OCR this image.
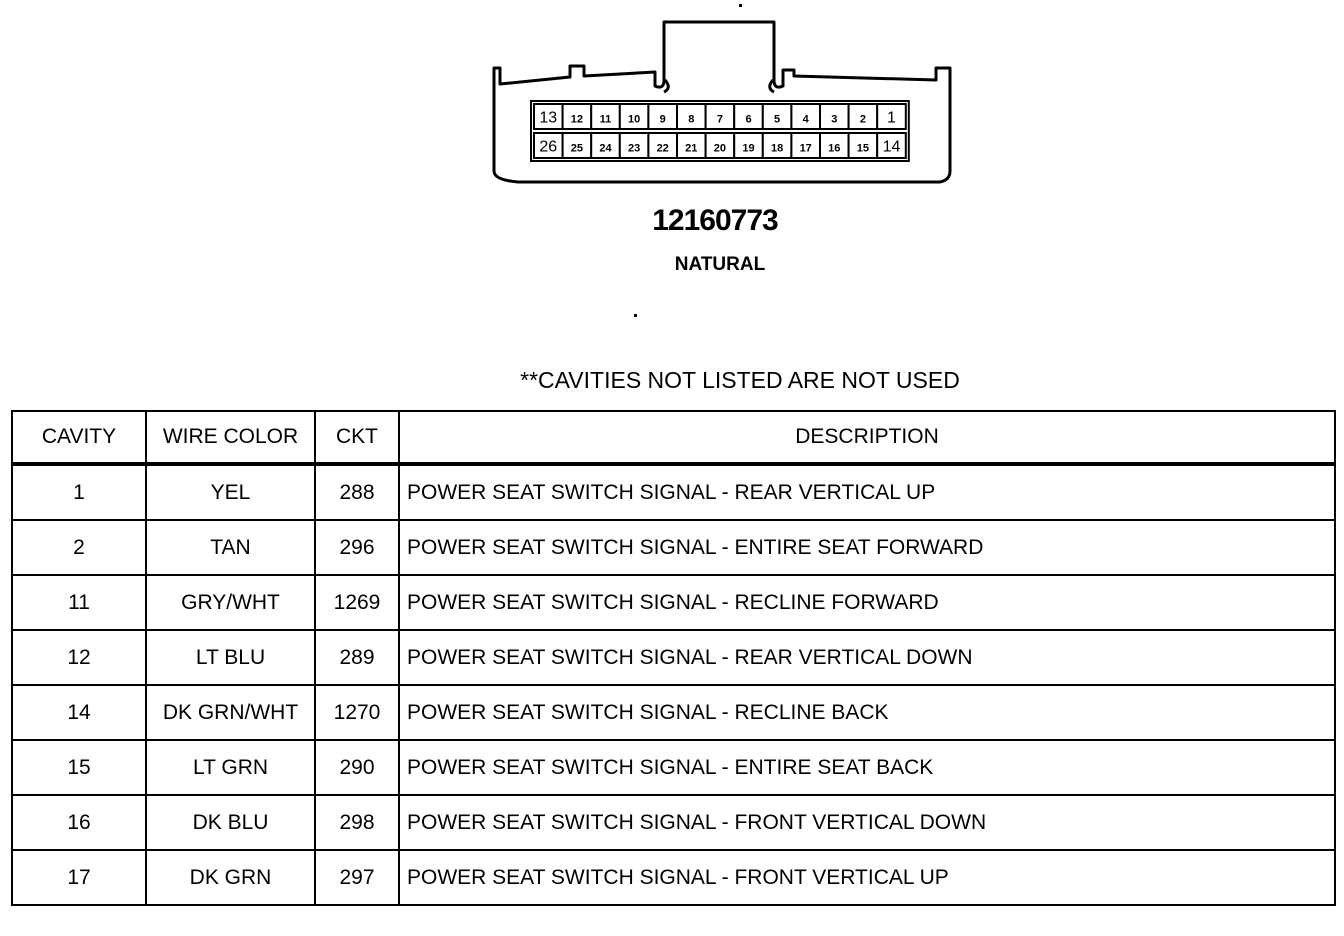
13 12 11 10 9 8 7 6 5 4 3 2 1
26 25 24 23 22 21 20 19 18 17 16 15 14
12160773
NATURAL
**CAVITIES NOT LISTED ARE NOT USED
CAVITY	WIRE COLOR	CKT	DESCRIPTION
1	YEL	288	POWER SEAT SWITCH SIGNAL - REAR VERTICAL UP
2	TAN	296	POWER SEAT SWITCH SIGNAL - ENTIRE SEAT FORWARD
11	GRY/WHT	1269	POWER SEAT SWITCH SIGNAL - RECLINE FORWARD
12	LT BLU	289	POWER SEAT SWITCH SIGNAL - REAR VERTICAL DOWN
14	DK GRN/WHT	1270	POWER SEAT SWITCH SIGNAL - RECLINE BACK
15	LT GRN	290	POWER SEAT SWITCH SIGNAL - ENTIRE SEAT BACK
16	DK BLU	298	POWER SEAT SWITCH SIGNAL - FRONT VERTICAL DOWN
17	DK GRN	297	POWER SEAT SWITCH SIGNAL - FRONT VERTICAL UP
